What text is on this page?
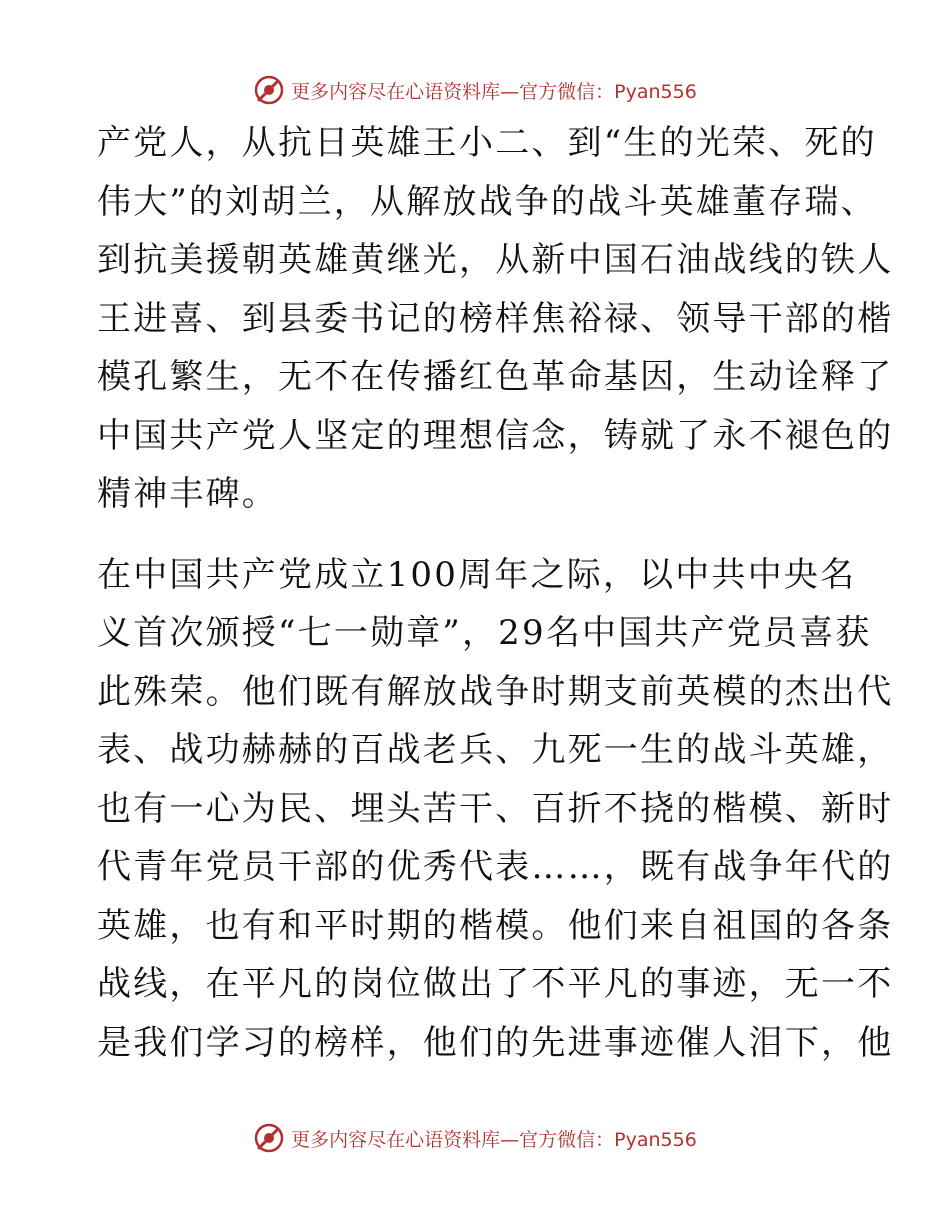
更多内容尽在心语资料库— 官方微信：Pyan556
产党人，从抗日英雄王小二、到“生的光荣、死的
伟大”的刘胡兰，从解放战争的战斗英雄董存瑞、
到抗美援朝英雄黄继光，从新中国石油战线的铁人
王进喜、到县委书记的榜样焦裕禄、领导干部的楷
模孔繁生，无不在传播红色革命基因，生动诠释了
中国共产党人坚定的理想信念，铸就了永不褪色的
精神丰碑。
在中国共产党成立100周年之际，以中共中央名
义首次颁授“七一勋章”，29名中国共产党员喜获
此殊荣。他们既有解放战争时期支前英模的杰出代
表、战功赫赫的百战老兵、九死一生的战斗英雄，
也有一心为民、埋头苦干、百折不挠的楷模、新时
代青年党员干部的优秀代表……，既有战争年代的
英雄，也有和平时期的楷模。他们来自祖国的各条
战线，在平凡的岗位做出了不平凡的事迹，无一不
是我们学习的榜样，他们的先进事迹催人泪下，他
更多内容尽在心语资料库— 官方微信：Pyan556
